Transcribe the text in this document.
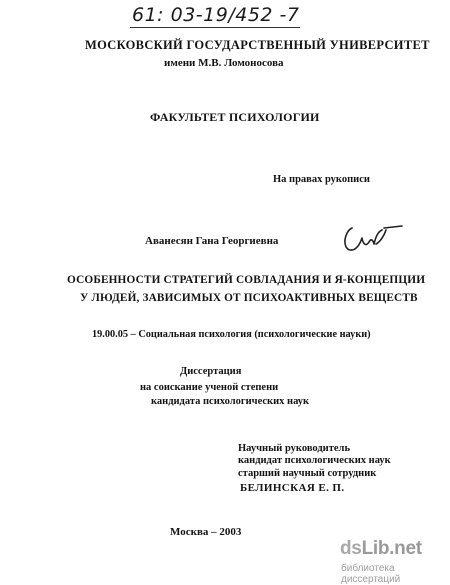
61: 03-19/452 -7
МОСКОВСКИЙ ГОСУДАРСТВЕННЫЙ УНИВЕРСИТЕТ
имени М.В. Ломоносова
ФАКУЛЬТЕТ ПСИХОЛОГИИ
На правах рукописи
Аванесян Гана Георгиевна
ОСОБЕННОСТИ СТРАТЕГИЙ СОВЛАДАНИЯ И Я-КОНЦЕПЦИИ
У ЛЮДЕЙ, ЗАВИСИМЫХ ОТ ПСИХОАКТИВНЫХ ВЕЩЕСТВ
19.00.05 – Социальная психология (психологические науки)
Диссертация
на соискание ученой степени
кандидата психологических наук
Научный руководитель
кандидат психологических наук
старший научный сотрудник
БЕЛИНСКАЯ Е. П.
Москва – 2003
dsLib.net
библиотека диссертаций
